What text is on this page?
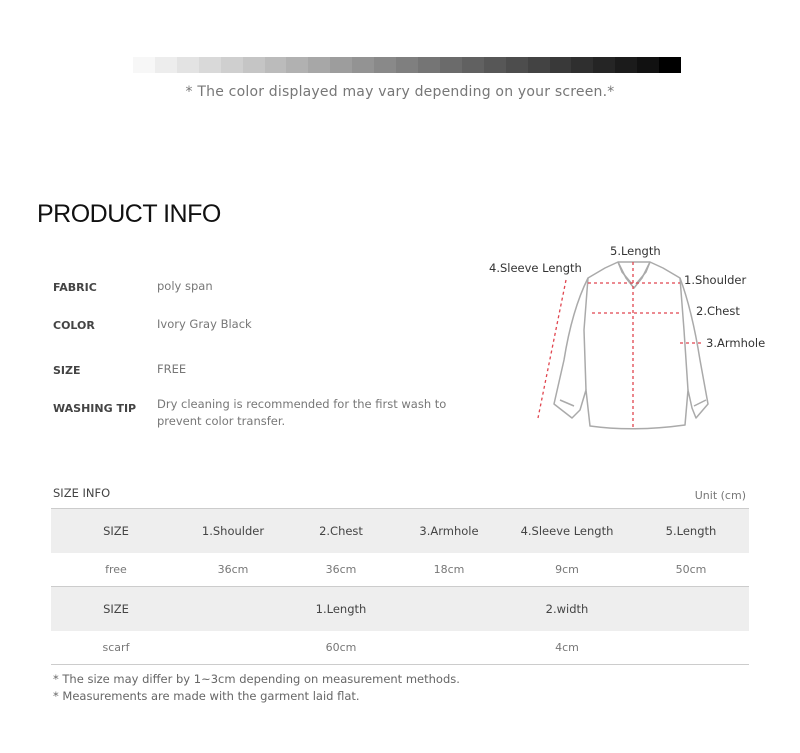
* The color displayed may vary depending on your screen.*
PRODUCT INFO
FABRIC	poly span
COLOR	Ivory Gray Black
SIZE	FREE
WASHING TIP	Dry cleaning is recommended for the first wash to prevent color transfer.
5.Length
4.Sleeve Length
1.Shoulder
2.Chest
3.Armhole
SIZE INFO	Unit (cm)
SIZE	1.Shoulder	2.Chest	3.Armhole	4.Sleeve Length	5.Length
free	36cm	36cm	18cm	9cm	50cm
SIZE	1.Length			2.width	
scarf	60cm			4cm	
* The size may differ by 1~3cm depending on measurement methods.
* Measurements are made with the garment laid flat.
